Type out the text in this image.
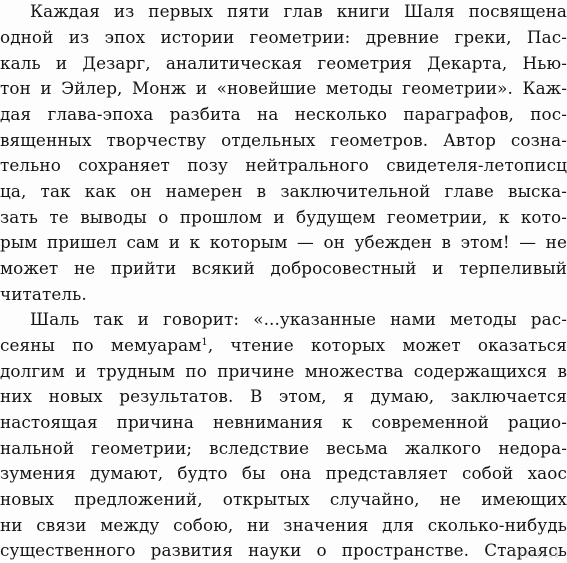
Каждая из первых пяти глав книги Шаля посвящена
одной из эпох истории геометрии: древние греки, Пас-
каль и Дезарг, аналитическая геометрия Декарта, Нью-
тон и Эйлер, Монж и «новейшие методы геометрии». Каж-
дая глава-эпоха разбита на несколько параграфов, пос-
вященных творчеству отдельных геометров. Автор созна-
тельно сохраняет позу нейтрального свидетеля-летописц
ца, так как он намерен в заключительной главе выска-
зать те выводы о прошлом и будущем геометрии, к кото-
рым пришел сам и к которым — он убежден в этом! — не
может не прийти всякий добросовестный и терпеливый
читатель.
Шаль так и говорит: «...указанные нами методы рас-
сеяны по мемуарам$^1$, чтение которых может оказаться
долгим и трудным по причине множества содержащихся в
них новых результатов. В этом, я думаю, заключается
настоящая причина невнимания к современной рацио-
нальной геометрии; вследствие весьма жалкого недора-
зумения думают, будто бы она представляет собой хаос
новых предложений, открытых случайно, не имеющих
ни связи между собою, ни значения для сколько-нибудь
существенного развития науки о пространстве. Стараясь
